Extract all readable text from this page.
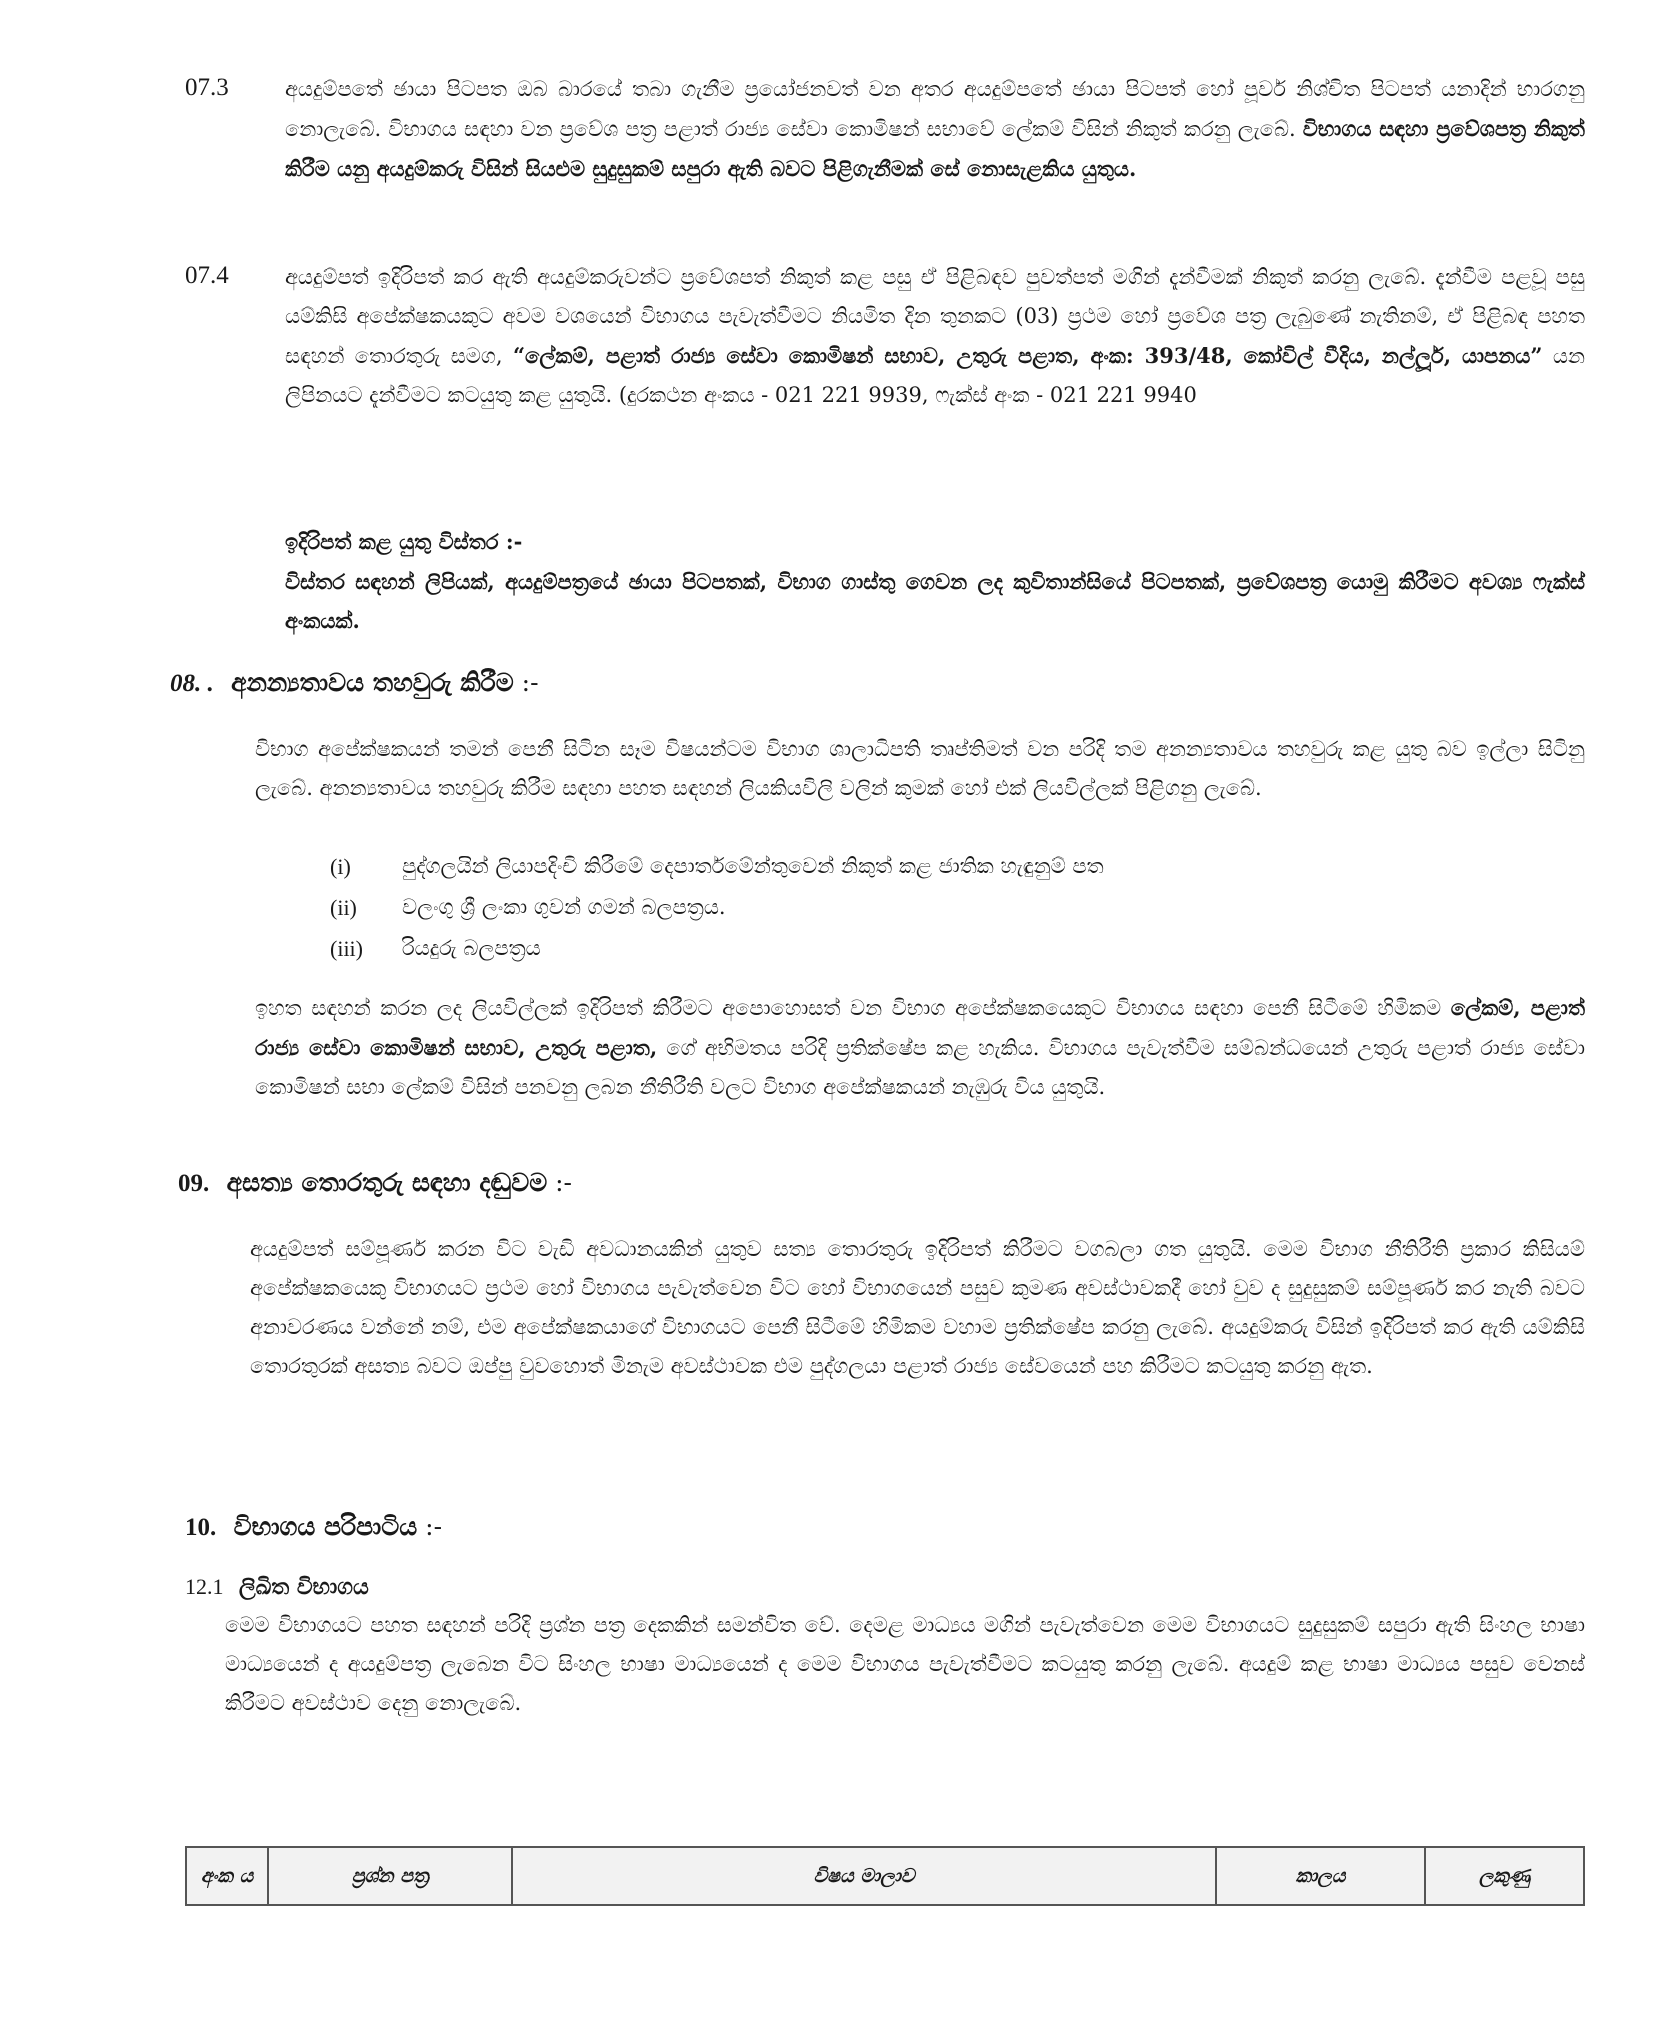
07.3	අයදුම්පතේ ඡායා පිටපත ඔබ බාරයේ තබා ගැනීම ප්‍රයෝජනවත් වන අතර අයදුම්පතේ ඡායා පිටපත් හෝ පූර්ව නිශ්චිත පිටපත් යනාදින් භාරගනු නොලැබේ. විභාගය සඳහා වන ප්‍රවේශ පත්‍ර පළාත් රාජ්‍ය සේවා කොමිෂන් සභාවේ ලේකම් විසින් නිකුත් කරනු ලැබේ. විභාගය සඳහා ප්‍රවේශපත්‍ර නිකුත් කිරීම යනු අයදුම්කරු විසින් සියළුම සුදුසුකම් සපුරා ඇති බවට පිළිගැනීමක් සේ නොසැළකිය යුතුය.
07.4	අයදුම්පත් ඉදිරිපත් කර ඇති අයදුම්කරුවන්ට ප්‍රවේශපත් නිකුත් කළ පසු ඒ පිළිබඳව පුවත්පත් මගින් දැන්වීමක් නිකුත් කරනු ලැබේ. දැන්වීම පළවූ පසු යම්කිසි අපේක්ෂකයකුට අවම වශයෙන් විභාගය පැවැත්වීමට නියමිත දින තුනකට (03) ප්‍රථම හෝ ප්‍රවේශ පත්‍ර ලැබුණේ නැතිනම්, ඒ පිළිබඳ පහත සඳහන් තොරතුරු සමග, “ලේකම්, පළාත් රාජ්‍ය සේවා කොමිෂන් සභාව, උතුරු පළාත, අංක: 393/48, කෝවිල් වීදිය, නල්ලූර්, යාපනය” යන ලිපිනයට දැන්වීමට කටයුතු කළ යුතුයි. (දුරකථන අංකය - 021 221 9939, ෆැක්ස් අංක - 021 221 9940
ඉදිරිපත් කළ යුතු විස්තර :-
විස්තර සඳහන් ලිපියක්, අයදුම්පත්‍රයේ ඡායා පිටපතක්, විභාග ගාස්තු ගෙවන ලද කුවිතාන්සියේ පිටපතක්, ප්‍රවේශපත්‍ර යොමු කිරීමට අවශ්‍ය ෆැක්ස් අංකයක්.
08. . අනන්‍යතාවය තහවුරු කිරීම :-
විභාග අපේක්ෂකයන් තමන් පෙනී සිටින සෑම විෂයන්ටම විභාග ශාලාධිපති තෘප්තිමත් වන පරිදි තම අනන්‍යතාවය තහවුරු කළ යුතු බව ඉල්ලා සිටිනු ලැබේ. අනන්‍යතාවය තහවුරු කිරීම සඳහා පහත සඳහන් ලියකියවිලි වලින් කුමක් හෝ එක් ලියවිල්ලක් පිළිගනු ලැබේ.
(i) පුද්ගලයින් ලියාපදිංචි කිරීමේ දෙපාර්තමේන්තුවෙන් නිකුත් කළ ජාතික හැඳුනුම් පත
(ii) වලංගු ශ්‍රී ලංකා ගුවන් ගමන් බලපත්‍රය.
(iii) රියදුරු බලපත්‍රය
ඉහත සඳහන් කරන ලද ලියවිල්ලක් ඉදිරිපත් කිරීමට අපොහොසත් වන විභාග අපේක්ෂකයෙකුට විභාගය සඳහා පෙනී සිටීමේ හිමිකම ලේකම්, පළාත් රාජ්‍ය සේවා කොමිෂන් සභාව, උතුරු පළාත, ගේ අභිමතය පරිදි ප්‍රතික්ෂේප කළ හැකිය. විභාගය පැවැත්වීම සම්බන්ධයෙන් උතුරු පළාත් රාජ්‍ය සේවා කොමිෂන් සභා ලේකම් විසින් පනවනු ලබන නීතිරීති වලට විභාග අපේක්ෂකයන් නැඹුරු විය යුතුයි.
09. අසත්‍ය තොරතුරු සඳහා දඬුවම :-
අයදුම්පත් සම්පූර්ණ කරන විට වැඩි අවධානයකින් යුතුව සත්‍ය තොරතුරු ඉදිරිපත් කිරීමට වගබලා ගත යුතුයි. මෙම විභාග නීතිරීති ප්‍රකාර කිසියම් අපේක්ෂකයෙකු විභාගයට ප්‍රථම හෝ විභාගය පැවැත්වෙන විට හෝ විභාගයෙන් පසුව කුමණ අවස්ථාවකදී හෝ වුව ද සුදුසුකම් සම්පූර්ණ කර නැති බවට අනාවරණය වන්නේ නම්, එම අපේක්ෂකයාගේ විභාගයට පෙනී සිටීමේ හිමිකම වහාම ප්‍රතික්ෂේප කරනු ලැබේ. අයදුම්කරු විසින් ඉදිරිපත් කර ඇති යම්කිසි තොරතුරක් අසත්‍ය බවට ඔප්පු වුවහොත් මිනැම අවස්ථාවක එම පුද්ගලයා පළාත් රාජ්‍ය සේවයෙන් පහ කිරීමට කටයුතු කරනු ඇත.
10. විභාගය පරිපාටිය :-
12.1 ලිඛිත විභාගය
මෙම විභාගයට පහත සඳහන් පරිදි ප්‍රශ්න පත්‍ර දෙකකින් සමන්විත වේ. දෙමළ මාධ්‍යය මගින් පැවැත්වෙන මෙම විභාගයට සුදුසුකම් සපුරා ඇති සිංහල භාෂා මාධ්‍යයෙන් ද අයදුම්පත්‍ර ලැබෙන විට සිංහල භාෂා මාධ්‍යයෙන් ද මෙම විභාගය පැවැත්වීමට කටයුතු කරනු ලැබේ. අයදුම් කළ භාෂා මාධ්‍යය පසුව වෙනස් කිරීමට අවස්ථාව දෙනු නොලැබේ.
අංක ය	ප්‍රශ්න පත්‍ර	විෂය මාලාව	කාලය	ලකුණු
